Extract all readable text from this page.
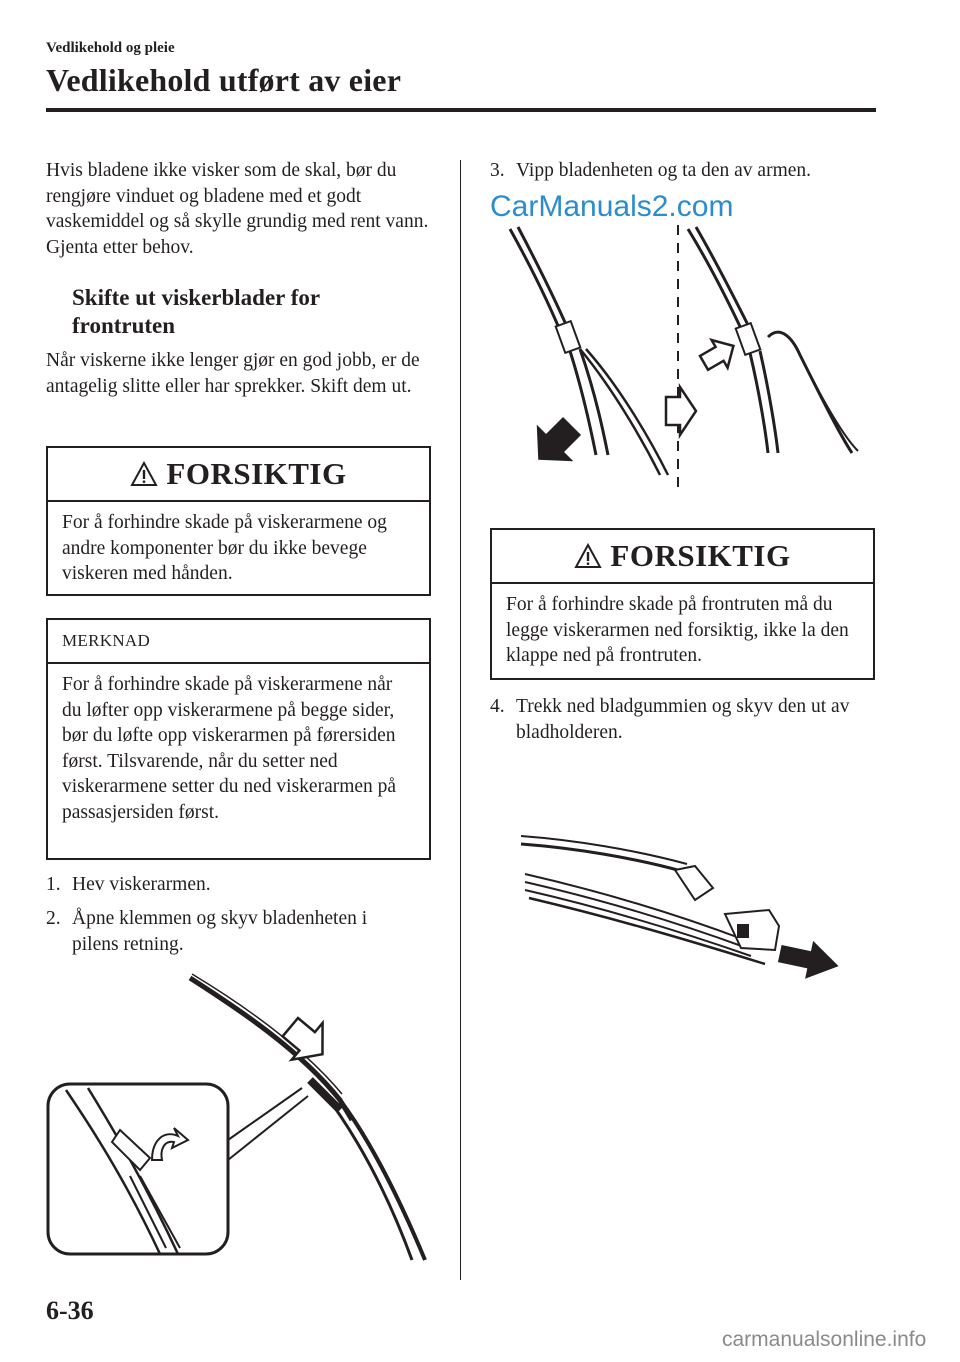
Vedlikehold og pleie
Vedlikehold utført av eier

Hvis bladene ikke visker som de skal, bør du rengjøre vinduet og bladene med et godt vaskemiddel og så skylle grundig med rent vann. Gjenta etter behov.

Skifte ut viskerblader for frontruten

Når viskerne ikke lenger gjør en god jobb, er de antagelig slitte eller har sprekker. Skift dem ut.

FORSIKTIG
For å forhindre skade på viskerarmene og andre komponenter bør du ikke bevege viskeren med hånden.
MERKNAD
For å forhindre skade på viskerarmene når du løfter opp viskerarmene på begge sider, bør du løfte opp viskerarmen på førersiden først. Tilsvarende, når du setter ned viskerarmene setter du ned viskerarmen på passasjersiden først.
1. Hev viskerarmen.
2. Åpne klemmen og skyv bladenheten i pilens retning.
3. Vipp bladenheten og ta den av armen.
CarManuals2.com
FORSIKTIG
For å forhindre skade på frontruten må du legge viskerarmen ned forsiktig, ikke la den klappe ned på frontruten.
4. Trekk ned bladgummien og skyv den ut av bladholderen.
6-36
carmanualsonline.info
